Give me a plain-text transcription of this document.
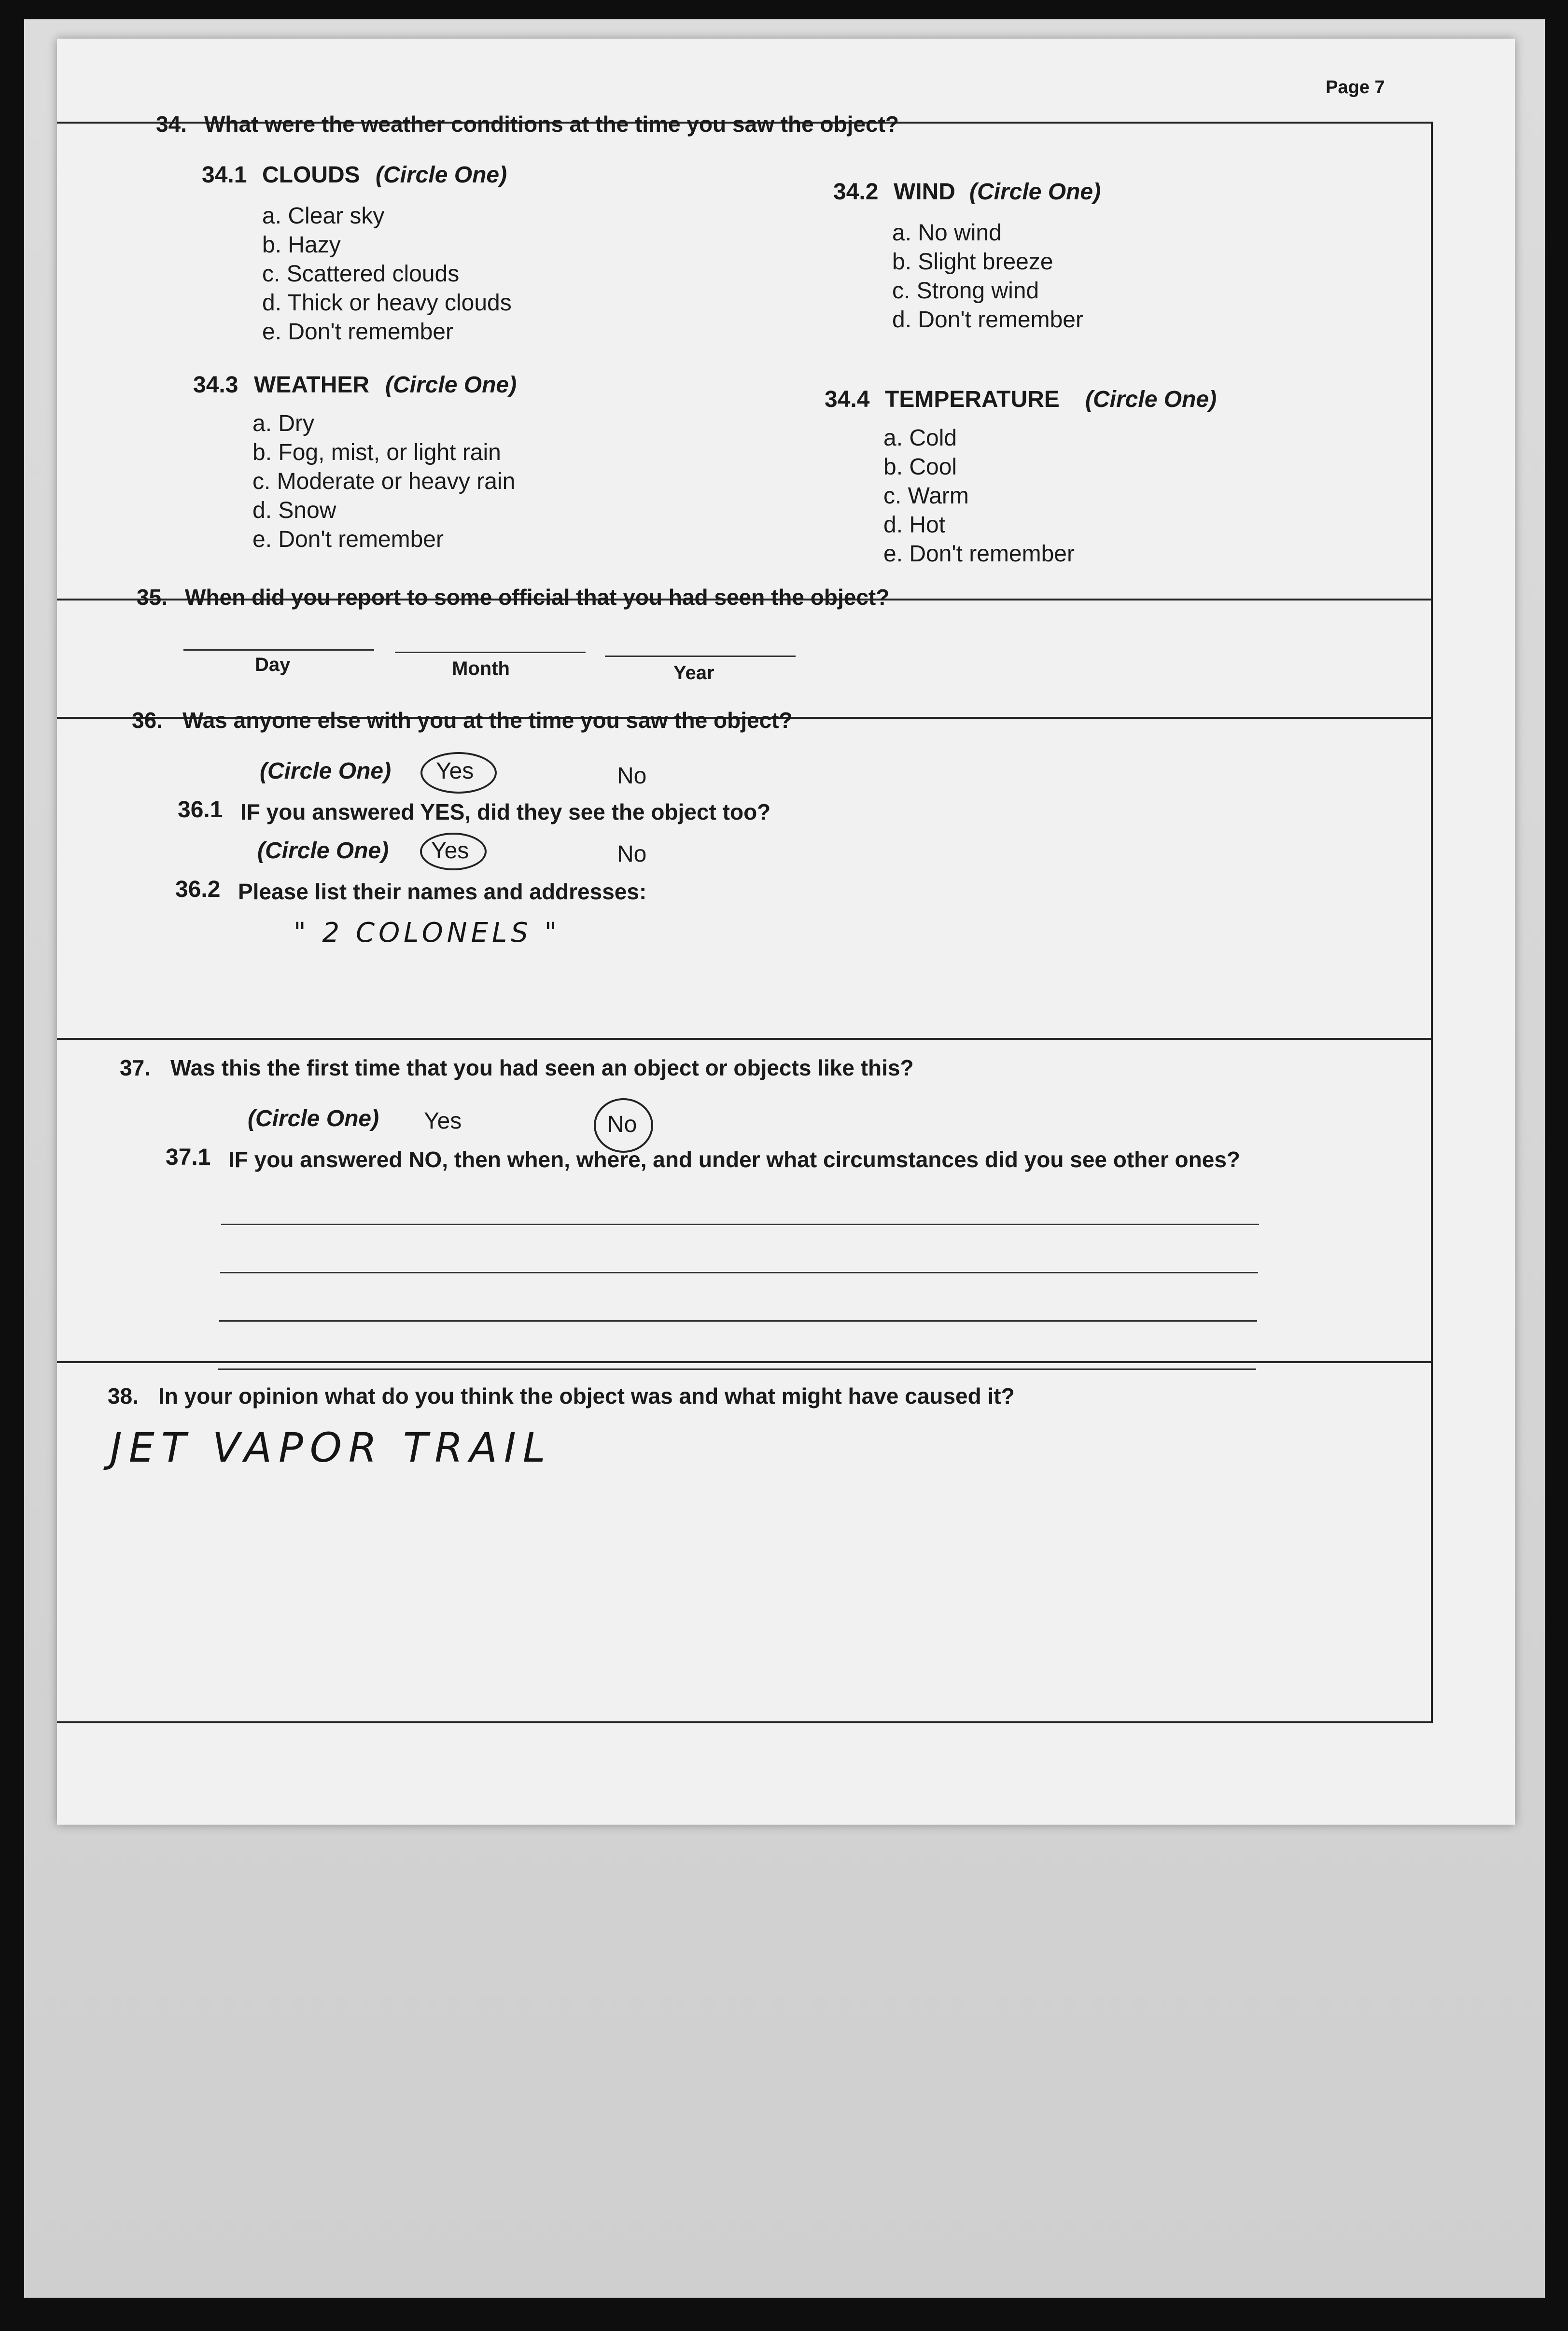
Page 7
34. What were the weather conditions at the time you saw the object?
34.1 CLOUDS (Circle One)
a. Clear sky
b. Hazy
c. Scattered clouds
d. Thick or heavy clouds
e. Don't remember
34.2 WIND (Circle One)
a. No wind
b. Slight breeze
c. Strong wind
d. Don't remember
34.3 WEATHER (Circle One)
a. Dry
b. Fog, mist, or light rain
c. Moderate or heavy rain
d. Snow
e. Don't remember
34.4 TEMPERATURE (Circle One)
a. Cold
b. Cool
c. Warm
d. Hot
e. Don't remember
35. When did you report to some official that you had seen the object?
Day	Month	Year
36. Was anyone else with you at the time you saw the object?
(Circle One) Yes	No
36.1 IF you answered YES, did they see the object too?
(Circle One) Yes	No
36.2 Please list their names and addresses:
" 2 COLONELS "
37. Was this the first time that you had seen an object or objects like this?
(Circle One) Yes	No
37.1 IF you answered NO, then when, where, and under what circumstances did you see other ones?
38. In your opinion what do you think the object was and what might have caused it?
JET VAPOR TRAIL
